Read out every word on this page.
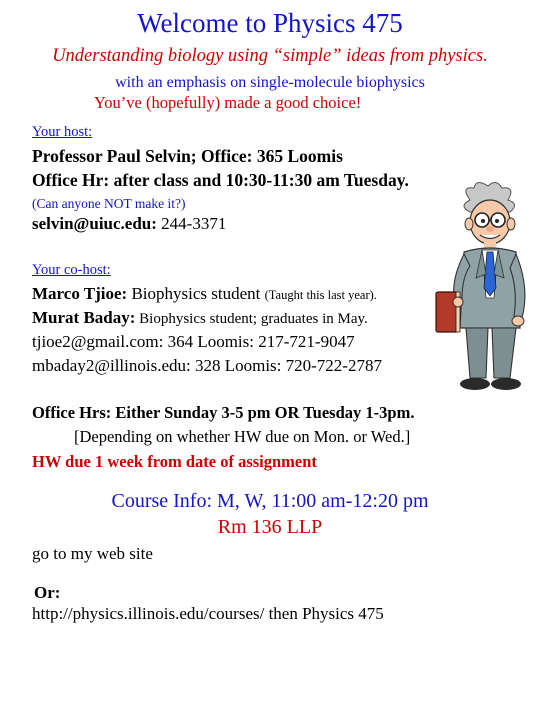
Welcome to Physics 475
Understanding biology using “simple” ideas from physics.
with an emphasis on single-molecule biophysics
You’ve (hopefully) made a good choice!
Your host:
Professor Paul Selvin; Office: 365 Loomis
Office Hr: after class and 10:30-11:30 am Tuesday.
(Can anyone NOT make it?)
selvin@uiuc.edu: 244-3371
Your co-host:
Marco Tjioe: Biophysics student (Taught this last year).
Murat Baday: Biophysics student; graduates in May.
tjioe2@gmail.com: 364 Loomis: 217-721-9047
mbaday2@illinois.edu: 328 Loomis: 720-722-2787
Office Hrs: Either Sunday 3-5 pm OR Tuesday 1-3pm.
[Depending on whether HW due on Mon. or Wed.]
HW due 1 week from date of assignment
Course Info: M, W, 11:00 am-12:20 pm
Rm 136 LLP
go to my web site
Or:
http://physics.illinois.edu/courses/ then Physics 475
